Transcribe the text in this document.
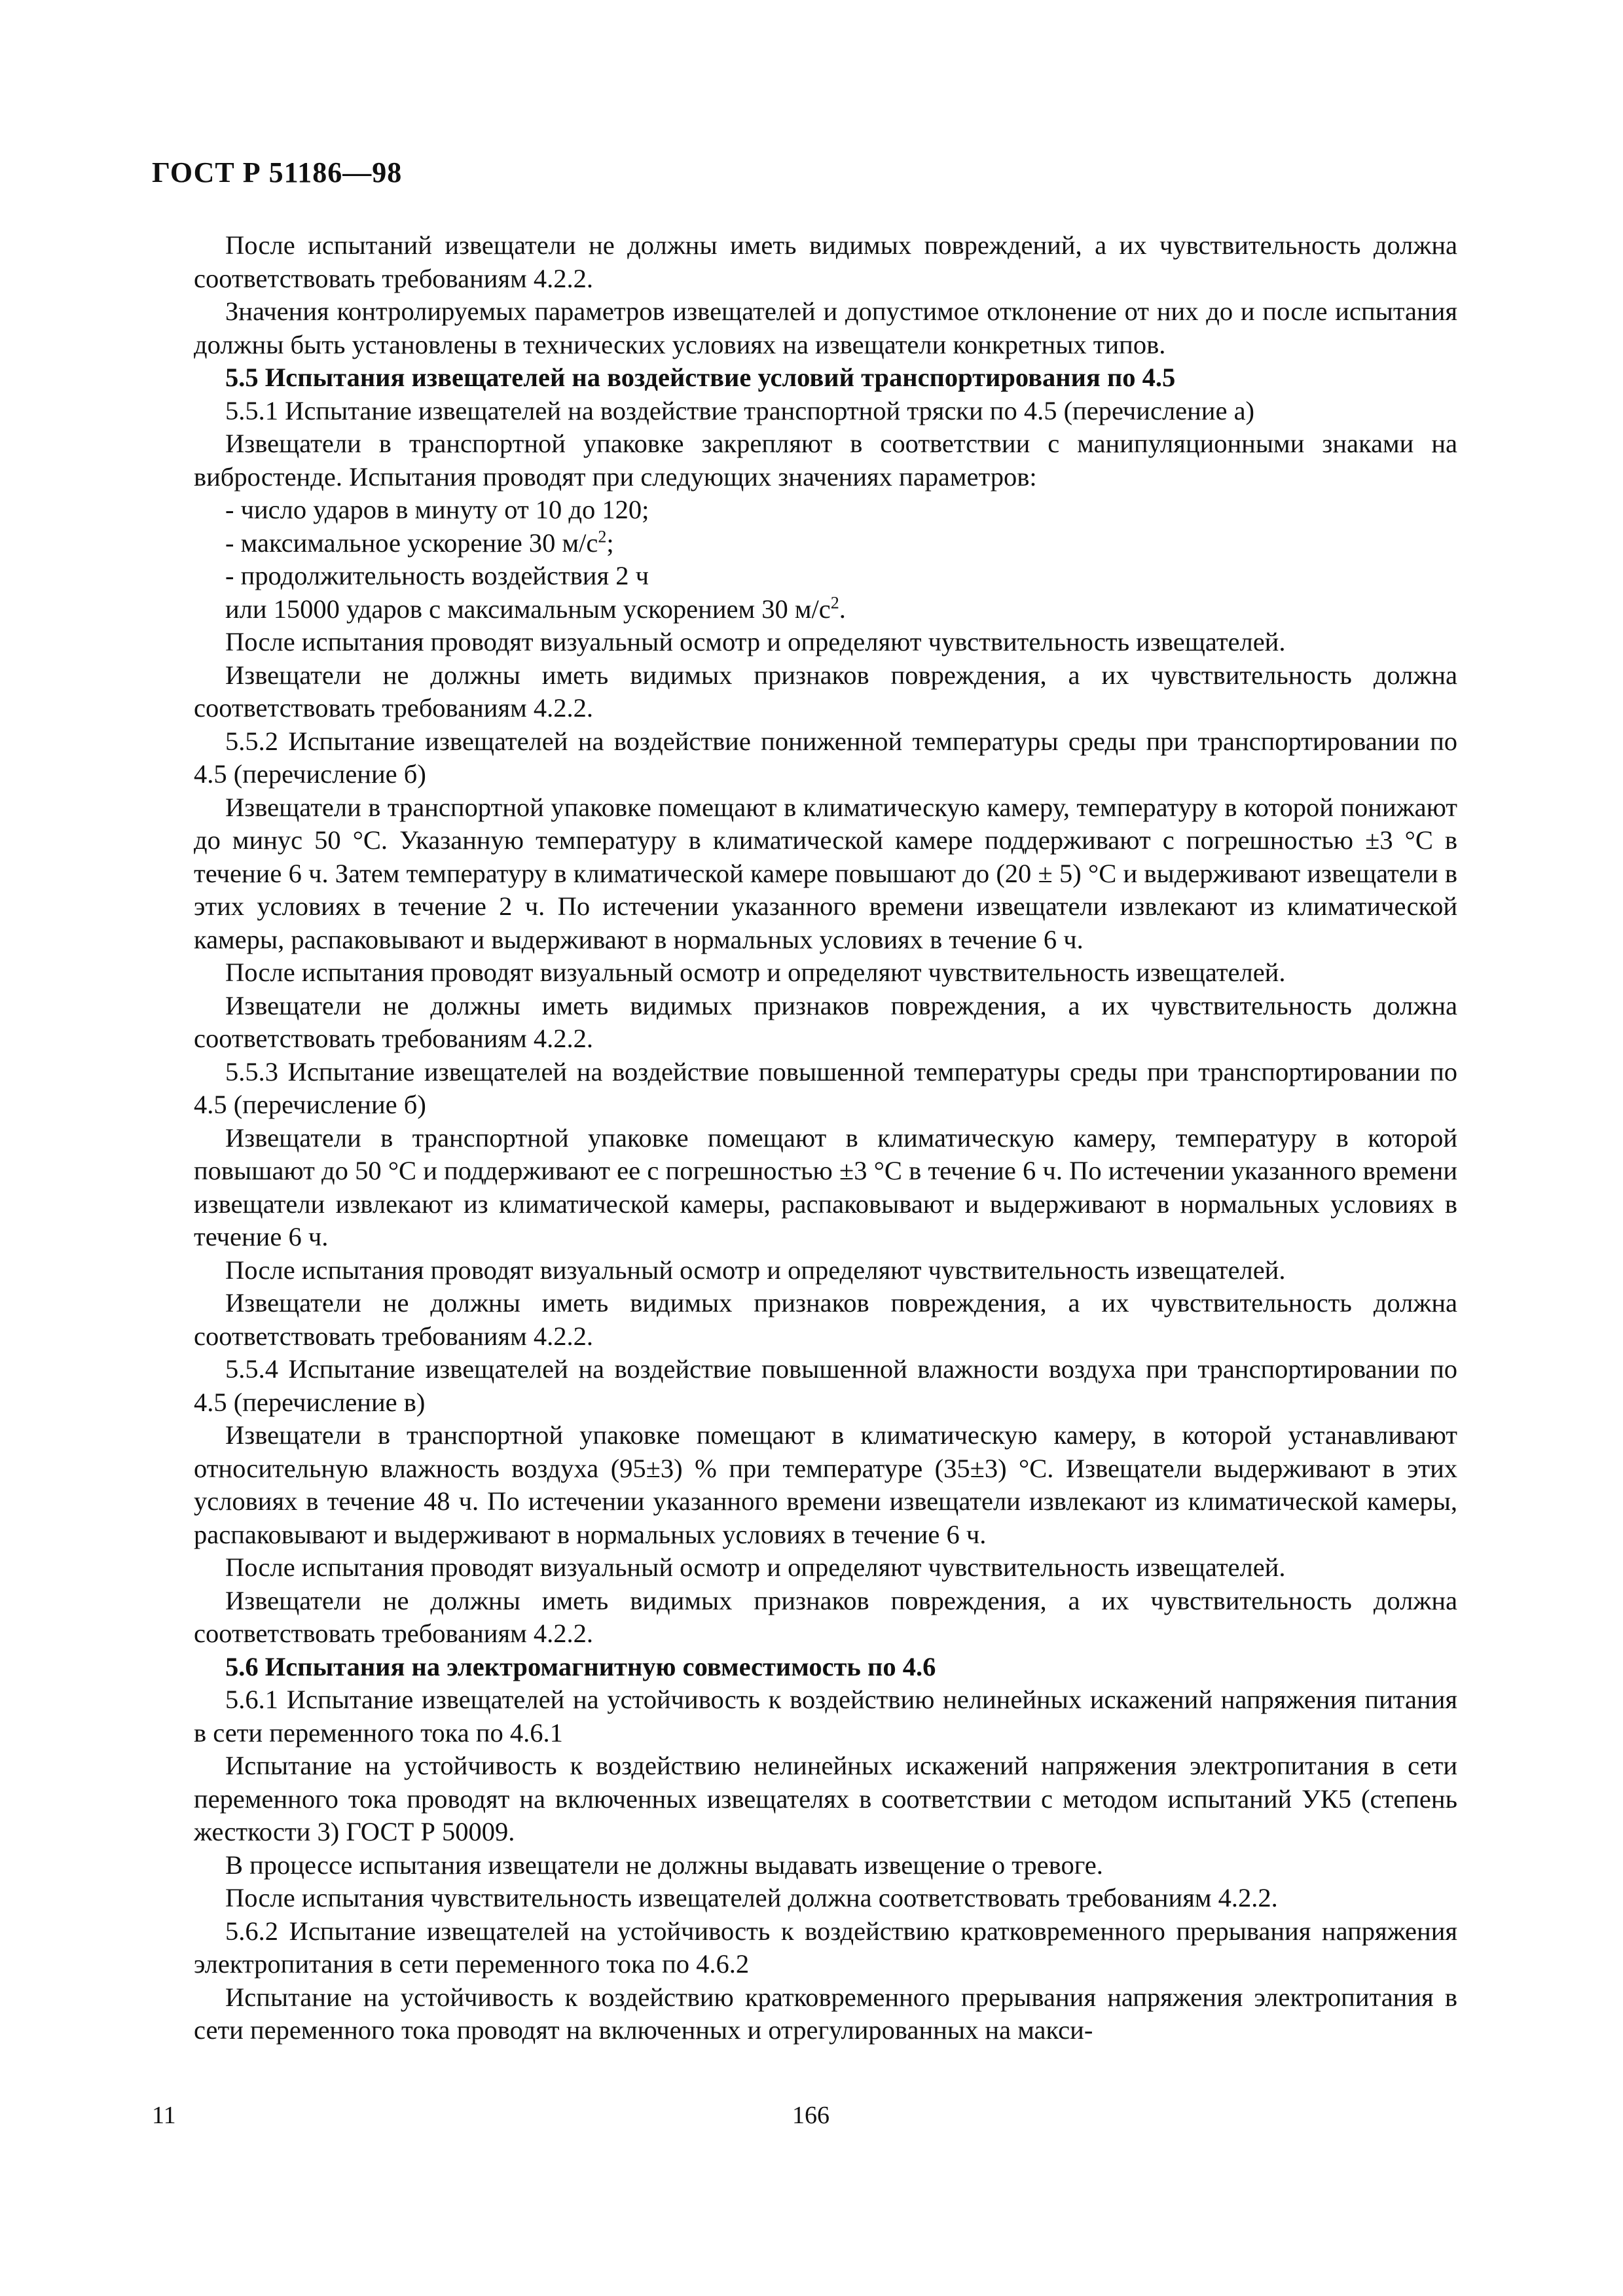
ГОСТ Р 51186—98

После испытаний извещатели не должны иметь видимых повреждений, а их чувствительность должна соответствовать требованиям 4.2.2.

Значения контролируемых параметров извещателей и допустимое отклонение от них до и после испытания должны быть установлены в технических условиях на извещатели конкретных типов.

5.5 Испытания извещателей на воздействие условий транспортирования по 4.5

5.5.1 Испытание извещателей на воздействие транспортной тряски по 4.5 (перечисление а)

Извещатели в транспортной упаковке закрепляют в соответствии с манипуляционными знаками на вибростенде. Испытания проводят при следующих значениях параметров:

- число ударов в минуту от 10 до 120;

- максимальное ускорение 30 $м/с^2$;

- продолжительность воздействия 2 ч

или 15000 ударов с максимальным ускорением 30 $м/с^2$.

После испытания проводят визуальный осмотр и определяют чувствительность извещателей.

Извещатели не должны иметь видимых признаков повреждения, а их чувствительность должна соответствовать требованиям 4.2.2.

5.5.2 Испытание извещателей на воздействие пониженной температуры среды при транспортировании по 4.5 (перечисление б)

Извещатели в транспортной упаковке помещают в климатическую камеру, температуру в которой понижают до минус 50 °С. Указанную температуру в климатической камере поддерживают с погрешностью ±3 °С в течение 6 ч. Затем температуру в климатической камере повышают до (20 ± 5) °С и выдерживают извещатели в этих условиях в течение 2 ч. По истечении указанного времени извещатели извлекают из климатической камеры, распаковывают и выдерживают в нормальных условиях в течение 6 ч.

После испытания проводят визуальный осмотр и определяют чувствительность извещателей.

Извещатели не должны иметь видимых признаков повреждения, а их чувствительность должна соответствовать требованиям 4.2.2.

5.5.3 Испытание извещателей на воздействие повышенной температуры среды при транспортировании по 4.5 (перечисление б)

Извещатели в транспортной упаковке помещают в климатическую камеру, температуру в которой повышают до 50 °С и поддерживают ее с погрешностью ±3 °С в течение 6 ч. По истечении указанного времени извещатели извлекают из климатической камеры, распаковывают и выдерживают в нормальных условиях в течение 6 ч.

После испытания проводят визуальный осмотр и определяют чувствительность извещателей.

Извещатели не должны иметь видимых признаков повреждения, а их чувствительность должна соответствовать требованиям 4.2.2.

5.5.4 Испытание извещателей на воздействие повышенной влажности воздуха при транспортировании по 4.5 (перечисление в)

Извещатели в транспортной упаковке помещают в климатическую камеру, в которой устанавливают относительную влажность воздуха (95±3) % при температуре (35±3) °С. Извещатели выдерживают в этих условиях в течение 48 ч. По истечении указанного времени извещатели извлекают из климатической камеры, распаковывают и выдерживают в нормальных условиях в течение 6 ч.

После испытания проводят визуальный осмотр и определяют чувствительность извещателей.

Извещатели не должны иметь видимых признаков повреждения, а их чувствительность должна соответствовать требованиям 4.2.2.

5.6 Испытания на электромагнитную совместимость по 4.6

5.6.1 Испытание извещателей на устойчивость к воздействию нелинейных искажений напряжения питания в сети переменного тока по 4.6.1

Испытание на устойчивость к воздействию нелинейных искажений напряжения электропитания в сети переменного тока проводят на включенных извещателях в соответствии с методом испытаний УК5 (степень жесткости 3) ГОСТ Р 50009.

В процессе испытания извещатели не должны выдавать извещение о тревоге.

После испытания чувствительность извещателей должна соответствовать требованиям 4.2.2.

5.6.2 Испытание извещателей на устойчивость к воздействию кратковременного прерывания напряжения электропитания в сети переменного тока по 4.6.2

Испытание на устойчивость к воздействию кратковременного прерывания напряжения электропитания в сети переменного тока проводят на включенных и отрегулированных на макси-

11	166
